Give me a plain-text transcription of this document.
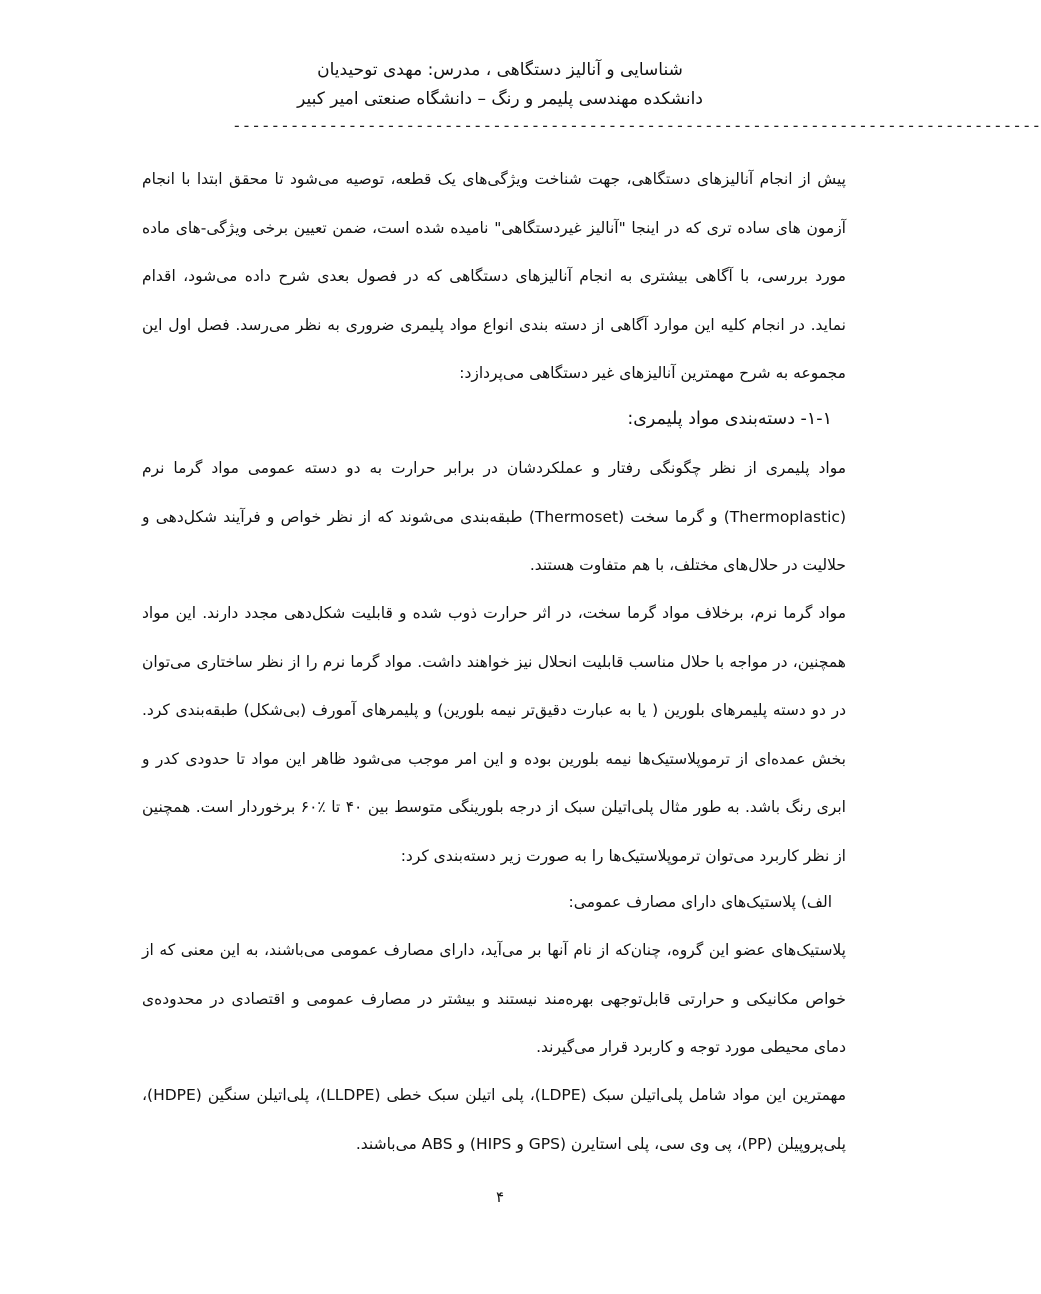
شناسایی و آنالیز دستگاهی ، مدرس: مهدی توحیدیان
دانشکده مهندسی پلیمر و رنگ – دانشگاه صنعتی امیر کبیر
------------------------------------------------------------------------------------

پیش از انجام آنالیزهای دستگاهی، جهت شناخت ویژگی‌های یک قطعه، توصیه می‌شود تا محقق ابتدا با انجام آزمون های ساده تری که در اینجا "آنالیز غیردستگاهی" نامیده شده است، ضمن تعیین برخی ویژگی-های ماده مورد بررسی، با آگاهی بیشتری به انجام آنالیزهای دستگاهی که در فصول بعدی شرح داده می‌شود، اقدام نماید. در انجام کلیه این موارد آگاهی از دسته بندی انواع مواد پلیمری ضروری به نظر می‌رسد. فصل اول این مجموعه به شرح مهمترین آنالیزهای غیر دستگاهی می‌پردازد:

۱-۱- دسته‌بندی مواد پلیمری:

مواد پلیمری از نظر چگونگی رفتار و عملکردشان در برابر حرارت به دو دسته عمومی مواد گرما نرم (Thermoplastic) و گرما سخت (Thermoset) طبقه‌بندی می‌شوند که از نظر خواص و فرآیند شکل‌دهی و حلالیت در حلال‌های مختلف، با هم متفاوت هستند.

مواد گرما نرم، برخلاف مواد گرما سخت، در اثر حرارت ذوب شده و قابلیت شکل‌دهی مجدد دارند. این مواد همچنین، در مواجه با حلال مناسب قابلیت انحلال نیز خواهند داشت. مواد گرما نرم را از نظر ساختاری می‌توان در دو دسته پلیمرهای بلورین ( یا به عبارت دقیق‌تر نیمه بلورین) و پلیمرهای آمورف (بی‌شکل) طبقه‌بندی کرد. بخش عمده‌ای از ترموپلاستیک‌ها نیمه بلورین بوده و این امر موجب می‌شود ظاهر این مواد تا حدودی کدر و ابری رنگ باشد. به طور مثال پلی‌اتیلن سبک از درجه بلورینگی متوسط بین ۴۰ تا ٪۶۰ برخوردار است. همچنین از نظر کاربرد می‌توان ترموپلاستیک‌ها را به صورت زیر دسته‌بندی کرد:

الف) پلاستیک‌های دارای مصارف عمومی:

پلاستیک‌های عضو این گروه، چنان‌که از نام آنها بر می‌آید، دارای مصارف عمومی می‌باشند، به این معنی که از خواص مکانیکی و حرارتی قابل‌توجهی بهره‌مند نیستند و بیشتر در مصارف عمومی و اقتصادی در محدوده‌ی دمای محیطی مورد توجه و کاربرد قرار می‌گیرند.

مهمترین این مواد شامل پلی‌اتیلن سبک (LDPE)، پلی اتیلن سبک خطی (LLDPE)، پلی‌اتیلن سنگین (HDPE)، پلی‌پروپیلن (PP)، پی وی سی، پلی استایرن (GPS و HIPS) و ABS می‌باشند.

۴
